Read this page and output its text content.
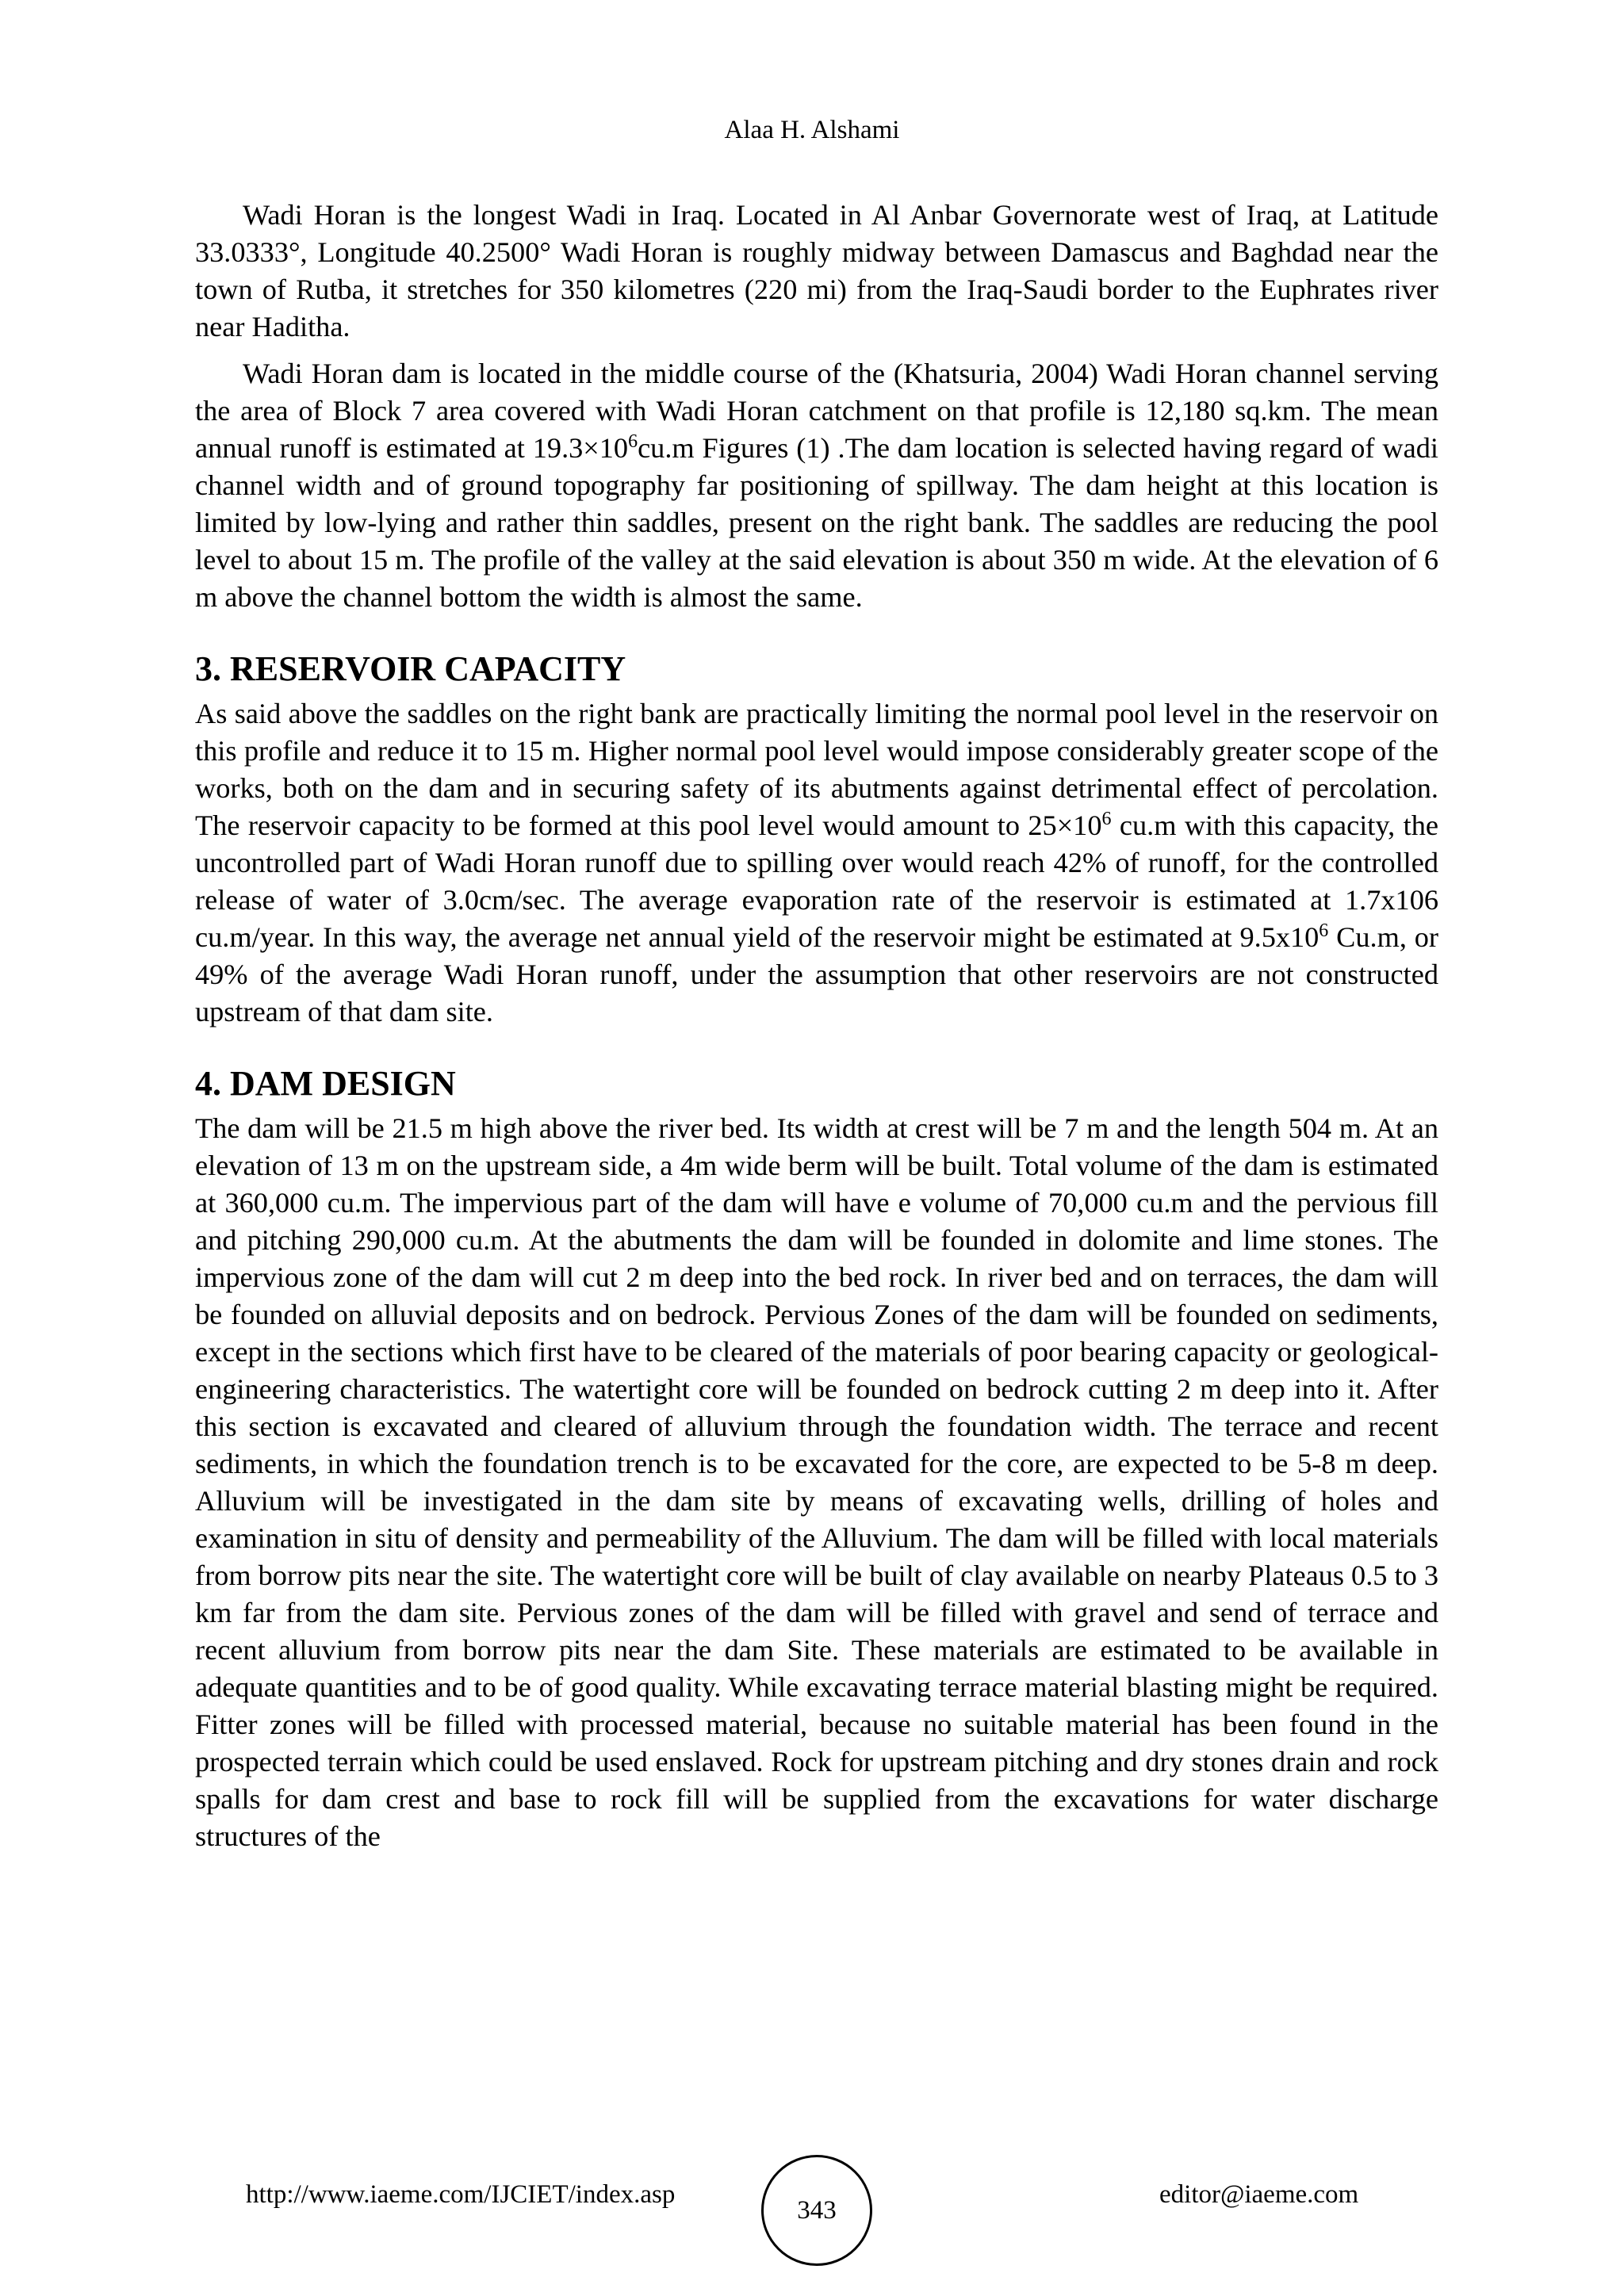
Alaa H. Alshami

Wadi Horan is the longest Wadi in Iraq. Located in Al Anbar Governorate west of Iraq, at Latitude 33.0333°, Longitude 40.2500° Wadi Horan is roughly midway between Damascus and Baghdad near the town of Rutba, it stretches for 350 kilometres (220 mi) from the Iraq-Saudi border to the Euphrates river near Haditha.

Wadi Horan dam is located in the middle course of the (Khatsuria, 2004) Wadi Horan channel serving the area of Block 7 area covered with Wadi Horan catchment on that profile is 12,180 sq.km. The mean annual runoff is estimated at $19.3\times 10^6cu.m$ Figures (1) .The dam location is selected having regard of wadi channel width and of ground topography far positioning of spillway. The dam height at this location is limited by low-lying and rather thin saddles, present on the right bank. The saddles are reducing the pool level to about 15 m. The profile of the valley at the said elevation is about 350 m wide. At the elevation of 6 m above the channel bottom the width is almost the same.

3. RESERVOIR CAPACITY

As said above the saddles on the right bank are practically limiting the normal pool level in the reservoir on this profile and reduce it to 15 m. Higher normal pool level would impose considerably greater scope of the works, both on the dam and in securing safety of its abutments against detrimental effect of percolation. The reservoir capacity to be formed at this pool level would amount to $25\times 10^6$ cu.m with this capacity, the uncontrolled part of Wadi Horan runoff due to spilling over would reach 42% of runoff, for the controlled release of water of 3.0cm/sec. The average evaporation rate of the reservoir is estimated at 1.7x106 cu.m/year. In this way, the average net annual yield of the reservoir might be estimated at $9.5x10^6$ Cu.m, or 49% of the average Wadi Horan runoff, under the assumption that other reservoirs are not constructed upstream of that dam site.

4. DAM DESIGN

The dam will be 21.5 m high above the river bed. Its width at crest will be 7 m and the length 504 m. At an elevation of 13 m on the upstream side, a 4m wide berm will be built. Total volume of the dam is estimated at 360,000 cu.m. The impervious part of the dam will have e volume of 70,000 cu.m and the pervious fill and pitching 290,000 cu.m. At the abutments the dam will be founded in dolomite and lime stones. The impervious zone of the dam will cut 2 m deep into the bed rock. In river bed and on terraces, the dam will be founded on alluvial deposits and on bedrock. Pervious Zones of the dam will be founded on sediments, except in the sections which first have to be cleared of the materials of poor bearing capacity or geological-engineering characteristics. The watertight core will be founded on bedrock cutting 2 m deep into it. After this section is excavated and cleared of alluvium through the foundation width. The terrace and recent sediments, in which the foundation trench is to be excavated for the core, are expected to be 5-8 m deep. Alluvium will be investigated in the dam site by means of excavating wells, drilling of holes and examination in situ of density and permeability of the Alluvium. The dam will be filled with local materials from borrow pits near the site. The watertight core will be built of clay available on nearby Plateaus 0.5 to 3 km far from the dam site. Pervious zones of the dam will be filled with gravel and send of terrace and recent alluvium from borrow pits near the dam Site. These materials are estimated to be available in adequate quantities and to be of good quality. While excavating terrace material blasting might be required. Fitter zones will be filled with processed material, because no suitable material has been found in the prospected terrain which could be used enslaved. Rock for upstream pitching and dry stones drain and rock spalls for dam crest and base to rock fill will be supplied from the excavations for water discharge structures of the

http://www.iaeme.com/IJCIET/index.asp
343
editor@iaeme.com
